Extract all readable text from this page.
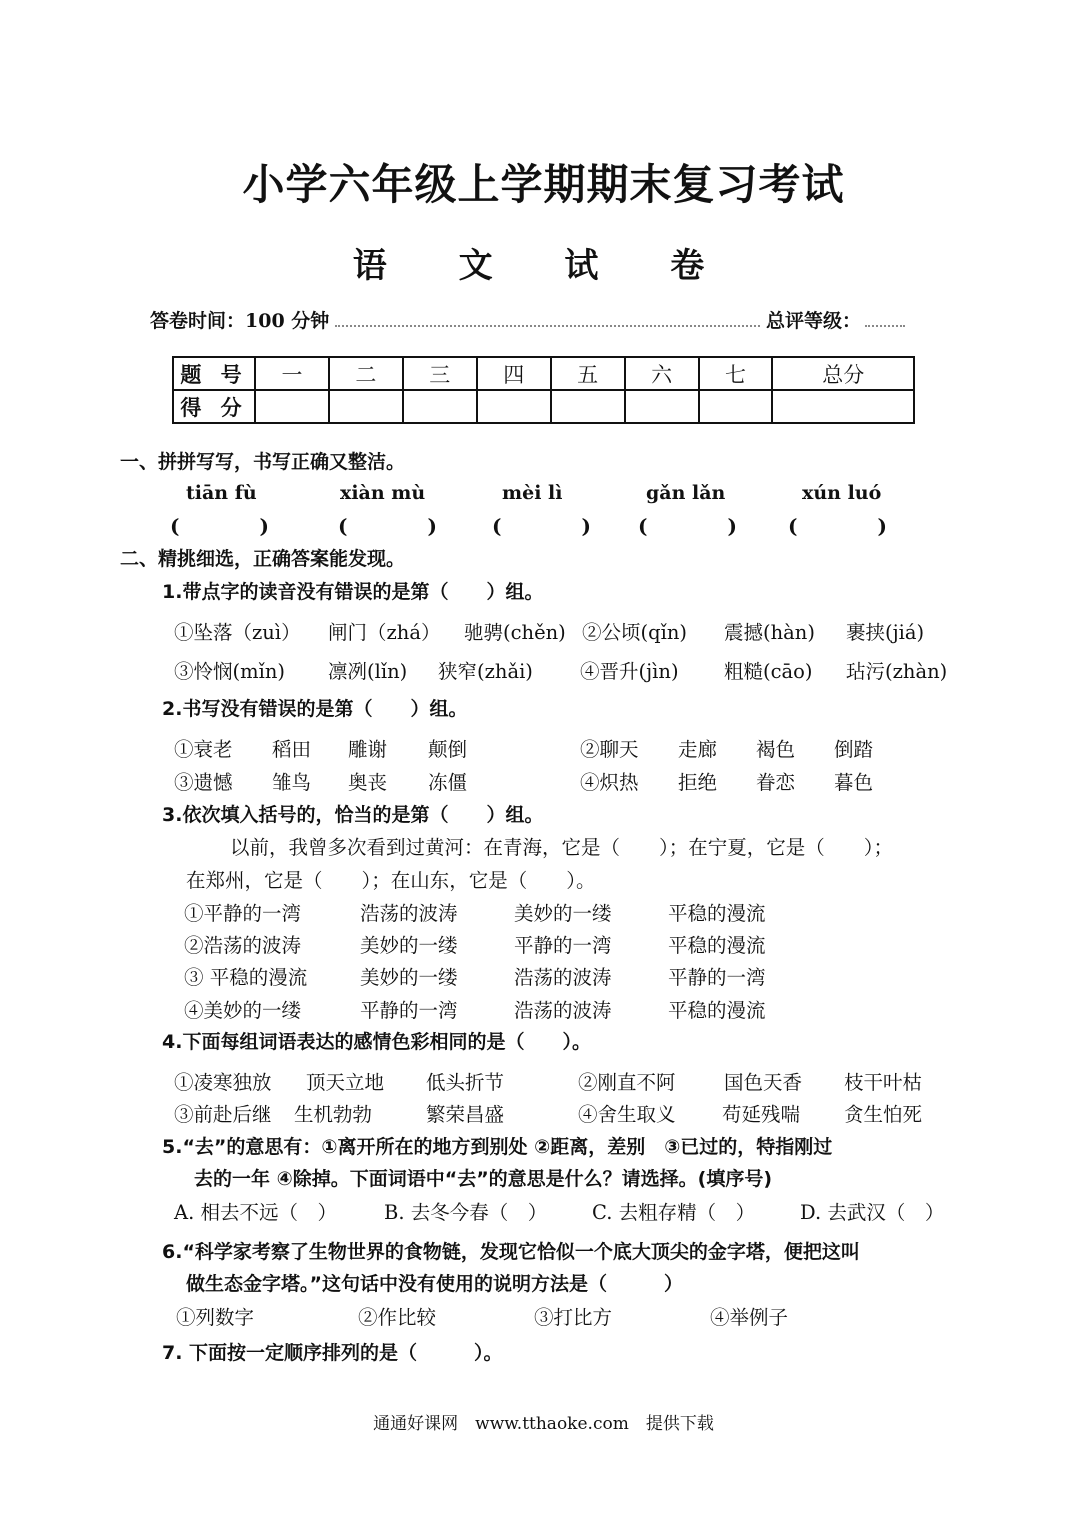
小学六年级上学期期末复习考试
语 文 试 卷
答卷时间：100 分钟	总评等级：
题 号	一	二	三	四	五	六	七	总分
得 分								
一、拼拼写写，书写正确又整洁。
tiān fù	xiàn mù	mèi lì	gǎn lǎn	xún luó
(　　　　)	(　　　　)	(　　　　) (　　　　)	(　　　　)
二、精挑细选，正确答案能发现。
1.带点字的读音没有错误的是第（　　）组。
①坠落（zuì） 闸门（zhá） 驰骋(chěn) ②公顷(qǐn) 震撼(hàn) 裹挟(jiá)
③怜悯(mǐn) 凛冽(lǐn) 狭窄(zhǎi) ④晋升(jìn) 粗糙(cāo) 玷污(zhàn)
2.书写没有错误的是第（　　）组。
①衰老 稻田 雕谢 颠倒	②聊天 走廊 褐色 倒踏
③遗憾 雏鸟 奥丧 冻僵	④炽热 拒绝 眷恋 暮色
3.依次填入括号的，恰当的是第（　　）组。
以前，我曾多次看到过黄河：在青海，它是（　　）；在宁夏，它是（　　）；
在郑州，它是（　　）；在山东，它是（　　）。
①平静的一湾	浩荡的波涛	美妙的一缕	平稳的漫流
②浩荡的波涛	美妙的一缕	平静的一湾	平稳的漫流
③ 平稳的漫流	美妙的一缕	浩荡的波涛	平静的一湾
④美妙的一缕	平静的一湾	浩荡的波涛	平稳的漫流
4.下面每组词语表达的感情色彩相同的是（　　）。
①凌寒独放 顶天立地 低头折节	②刚直不阿 国色天香 枝干叶枯
③前赴后继 生机勃勃	繁荣昌盛	④舍生取义 苟延残喘 贪生怕死
5.“去”的意思有：①离开所在的地方到别处 ②距离，差别　③已过的，特指刚过
去的一年 ④除掉。下面词语中“去”的意思是什么？请选择。(填序号)
A. 相去不远（　） B. 去冬今春（　） C. 去粗存精（　） D. 去武汉（　）
6.“科学家考察了生物世界的食物链，发现它恰似一个底大顶尖的金字塔，便把这叫
做生态金字塔。”这句话中没有使用的说明方法是（　　　）
①列数字	②作比较	③打比方	④举例子
7. 下面按一定顺序排列的是（　　　）。
通通好课网　www.tthaoke.com　提供下载
